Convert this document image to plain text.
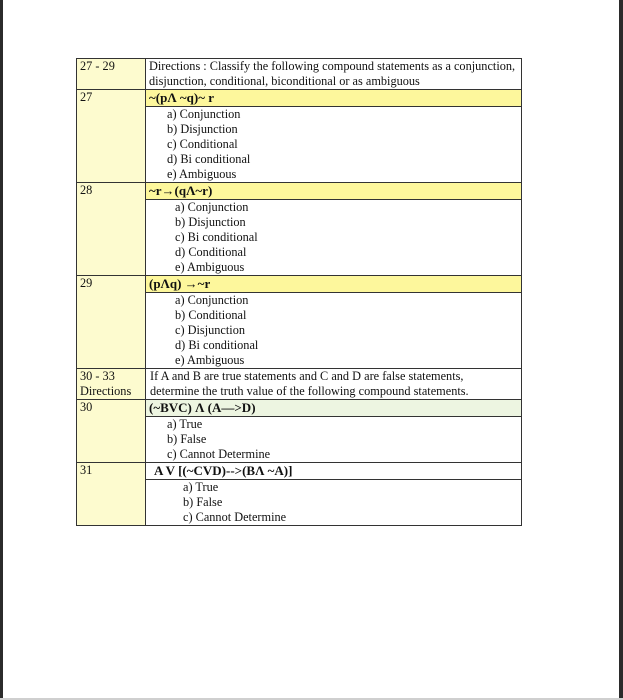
27 - 29	Directions : Classify the following compound statements as a conjunction, disjunction, conditional, biconditional or as ambiguous
27	~(pΛ ~q)~ r

	a) Conjunction
b) Disjunction
c) Conditional
d) Bi conditional
e) Ambiguous

28	~r→(qΛ~r)

	a) Conjunction
b) Disjunction
c) Bi conditional
d) Conditional
e) Ambiguous

29	(pΛq) →~r

	a) Conjunction
b) Conditional
c) Disjunction
d) Bi conditional
e) Ambiguous

30 - 33
Directions	If A and B are true statements and C and D are false statements,
determine the truth value of the following compound statements.

30	(~BVC) Λ (A—>D)

	a) True
b) False
c) Cannot Determine

31	A V [(~CVD)-->(BΛ ~A)]

	a) True
b) False
c) Cannot Determine
